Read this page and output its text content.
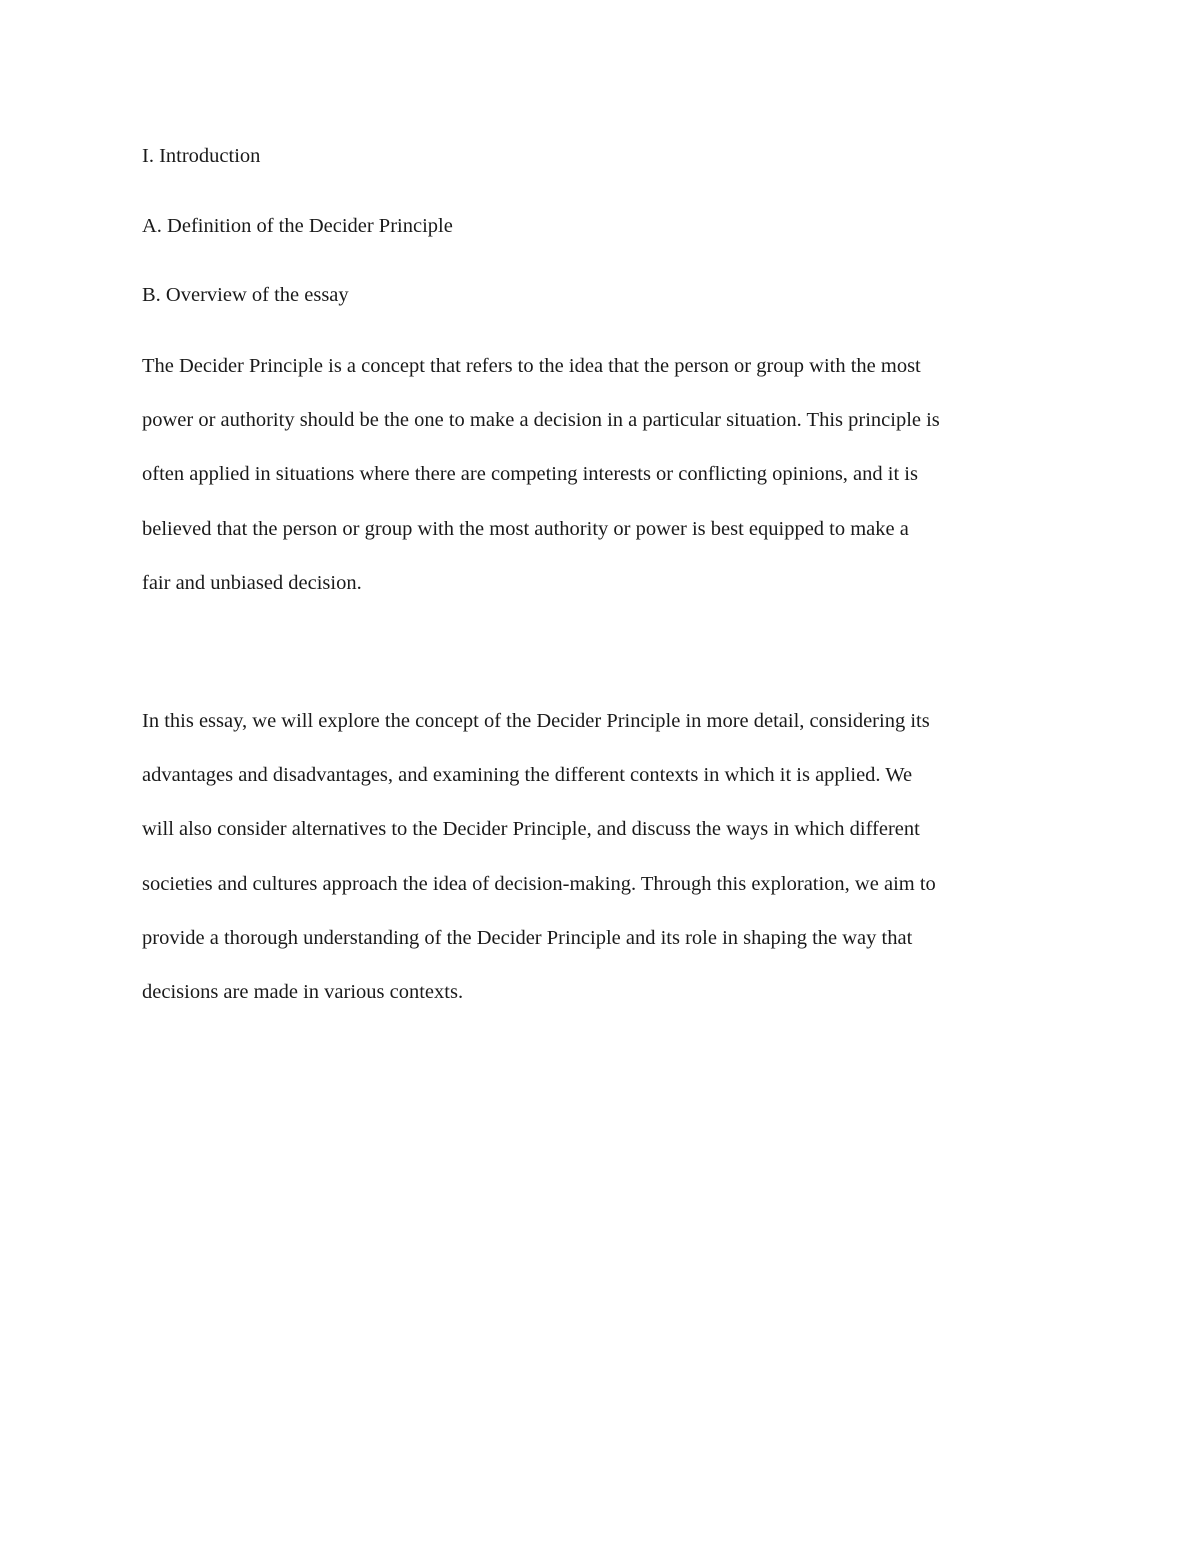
I. Introduction
A. Definition of the Decider Principle
B. Overview of the essay
The Decider Principle is a concept that refers to the idea that the person or group with the most
power or authority should be the one to make a decision in a particular situation. This principle is
often applied in situations where there are competing interests or conflicting opinions, and it is
believed that the person or group with the most authority or power is best equipped to make a
fair and unbiased decision.
In this essay, we will explore the concept of the Decider Principle in more detail, considering its
advantages and disadvantages, and examining the different contexts in which it is applied. We
will also consider alternatives to the Decider Principle, and discuss the ways in which different
societies and cultures approach the idea of decision-making. Through this exploration, we aim to
provide a thorough understanding of the Decider Principle and its role in shaping the way that
decisions are made in various contexts.
